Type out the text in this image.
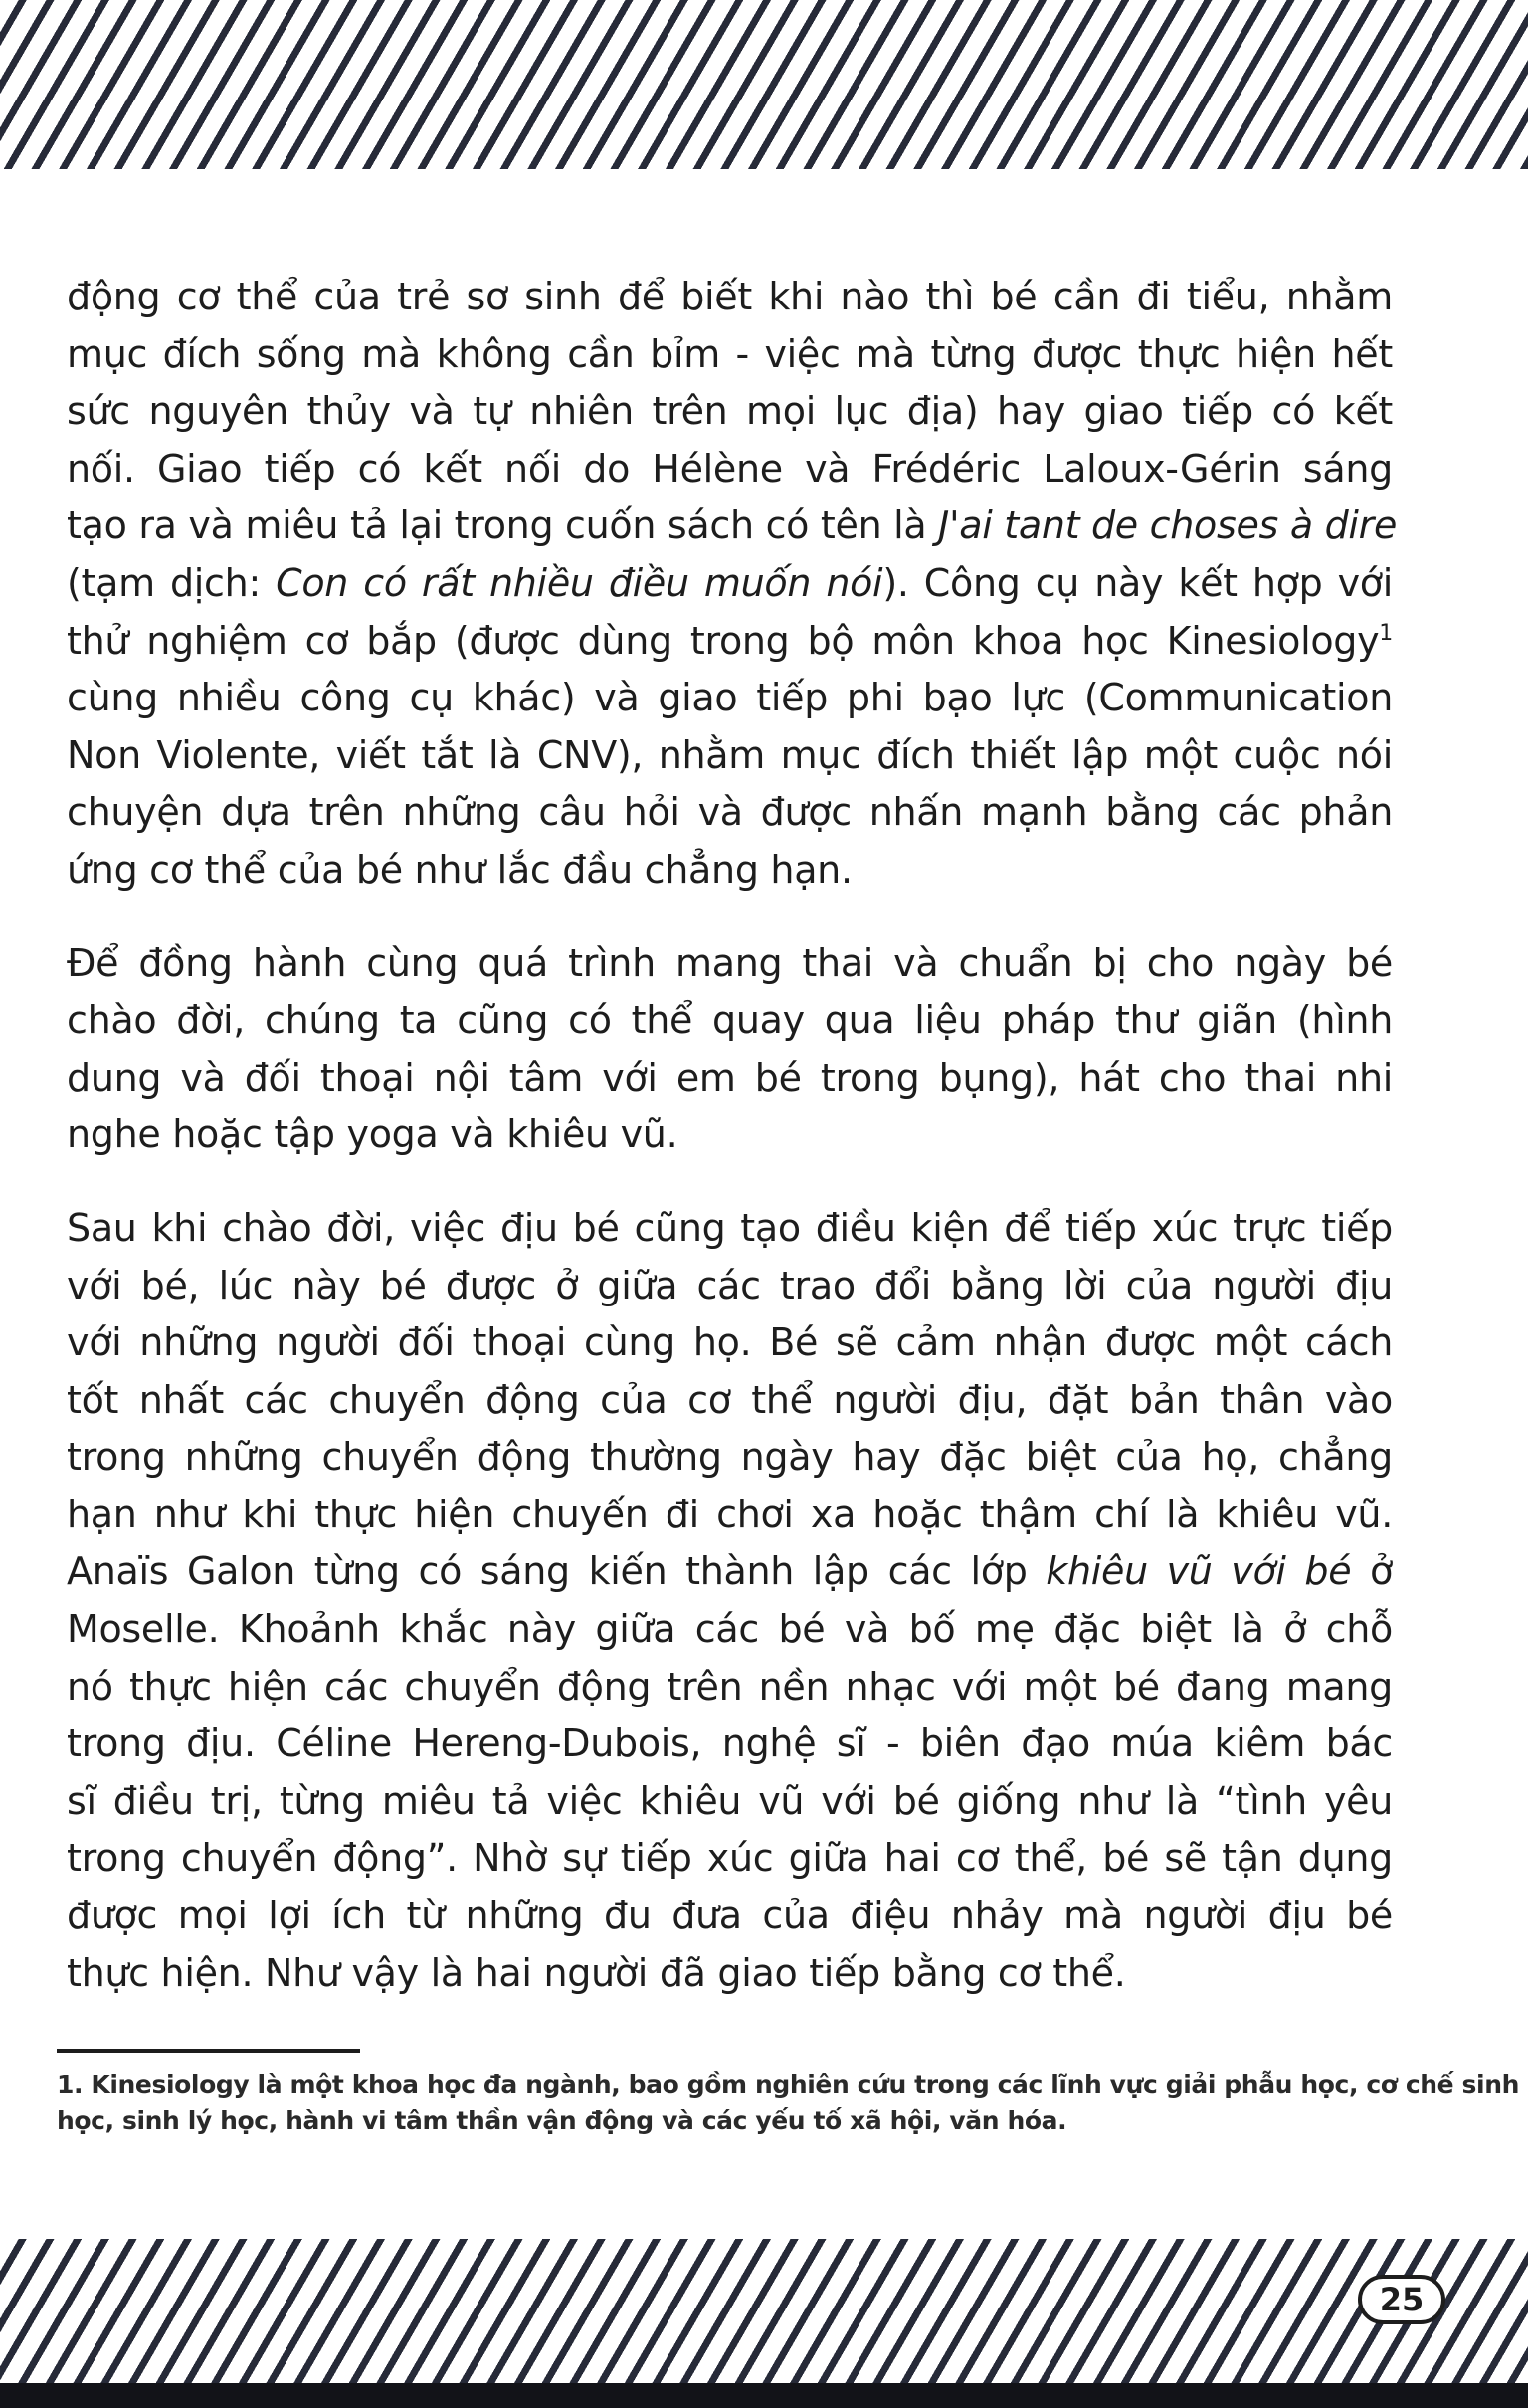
động cơ thể của trẻ sơ sinh để biết khi nào thì bé cần đi tiểu, nhằm
mục đích sống mà không cần bỉm - việc mà từng được thực hiện hết
sức nguyên thủy và tự nhiên trên mọi lục địa) hay giao tiếp có kết
nối. Giao tiếp có kết nối do Hélène và Frédéric Laloux-Gérin sáng
tạo ra và miêu tả lại trong cuốn sách có tên là J'ai tant de choses à dire
(tạm dịch: Con có rất nhiều điều muốn nói). Công cụ này kết hợp với
thử nghiệm cơ bắp (được dùng trong bộ môn khoa học Kinesiology$^1$
cùng nhiều công cụ khác) và giao tiếp phi bạo lực (Communication
Non Violente, viết tắt là CNV), nhằm mục đích thiết lập một cuộc nói
chuyện dựa trên những câu hỏi và được nhấn mạnh bằng các phản
ứng cơ thể của bé như lắc đầu chẳng hạn.

Để đồng hành cùng quá trình mang thai và chuẩn bị cho ngày bé
chào đời, chúng ta cũng có thể quay qua liệu pháp thư giãn (hình
dung và đối thoại nội tâm với em bé trong bụng), hát cho thai nhi
nghe hoặc tập yoga và khiêu vũ.

Sau khi chào đời, việc địu bé cũng tạo điều kiện để tiếp xúc trực tiếp
với bé, lúc này bé được ở giữa các trao đổi bằng lời của người địu
với những người đối thoại cùng họ. Bé sẽ cảm nhận được một cách
tốt nhất các chuyển động của cơ thể người địu, đặt bản thân vào
trong những chuyển động thường ngày hay đặc biệt của họ, chẳng
hạn như khi thực hiện chuyến đi chơi xa hoặc thậm chí là khiêu vũ.
Anaïs Galon từng có sáng kiến thành lập các lớp khiêu vũ với bé ở
Moselle. Khoảnh khắc này giữa các bé và bố mẹ đặc biệt là ở chỗ
nó thực hiện các chuyển động trên nền nhạc với một bé đang mang
trong địu. Céline Hereng-Dubois, nghệ sĩ - biên đạo múa kiêm bác
sĩ điều trị, từng miêu tả việc khiêu vũ với bé giống như là “tình yêu
trong chuyển động”. Nhờ sự tiếp xúc giữa hai cơ thể, bé sẽ tận dụng
được mọi lợi ích từ những đu đưa của điệu nhảy mà người địu bé
thực hiện. Như vậy là hai người đã giao tiếp bằng cơ thể.

1. Kinesiology là một khoa học đa ngành, bao gồm nghiên cứu trong các lĩnh vực giải phẫu học, cơ chế sinh
học, sinh lý học, hành vi tâm thần vận động và các yếu tố xã hội, văn hóa.
25
